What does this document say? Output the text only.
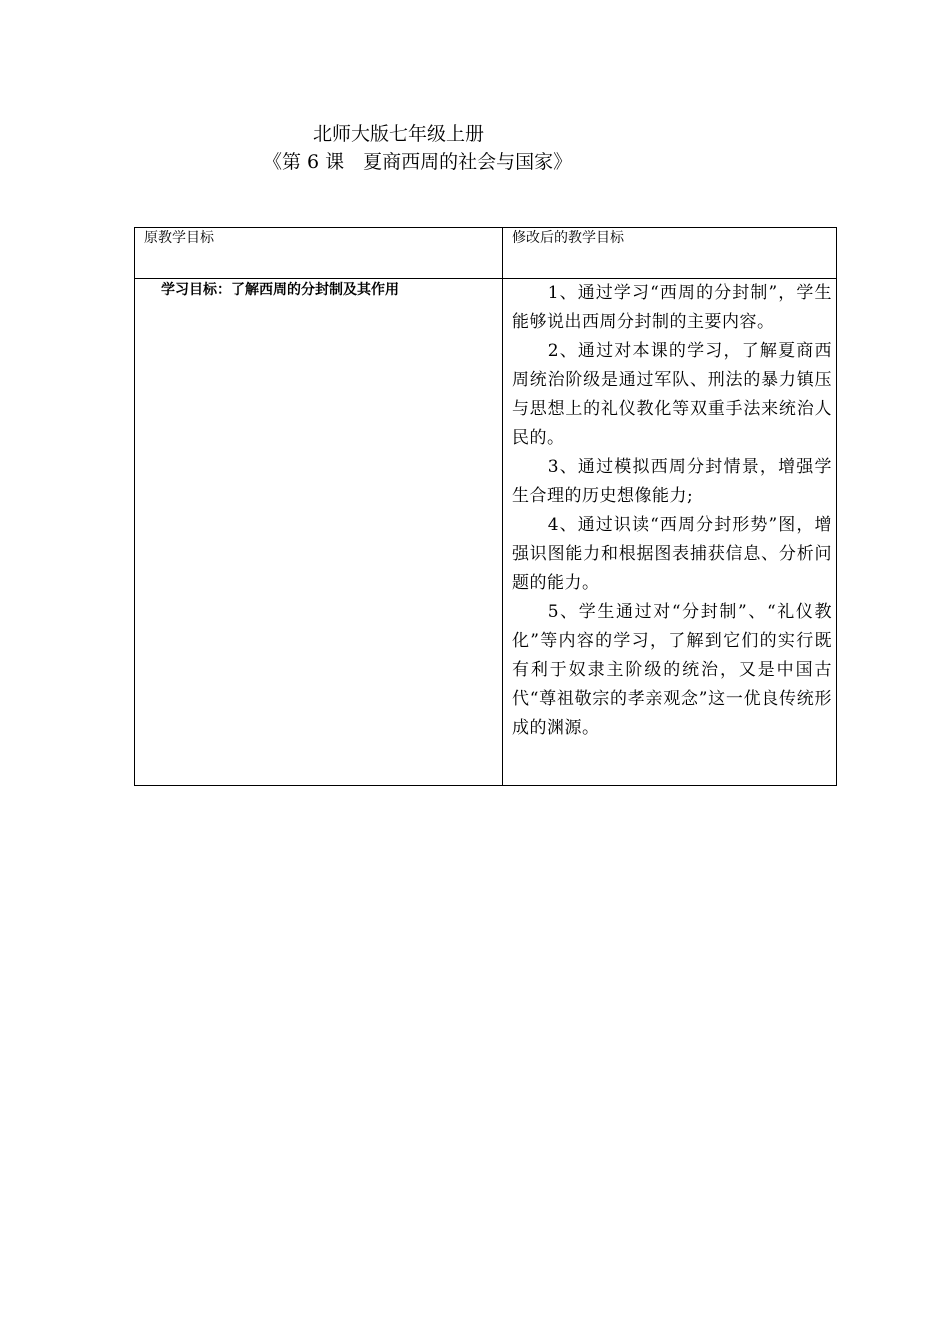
北师大版七年级上册
《第 6 课　夏商西周的社会与国家》
原教学目标	修改后的教学目标

学习目标：了解西周的分封制及其作用	1、通过学习“西周的分封制”，学生能够说出西周分封制的主要内容。

2、通过对本课的学习，了解夏商西周统治阶级是通过军队、刑法的暴力镇压与思想上的礼仪教化等双重手法来统治人民的。

3、通过模拟西周分封情景，增强学生合理的历史想像能力;

4、通过识读“西周分封形势”图，增强识图能力和根据图表捕获信息、分析问题的能力。

5、学生通过对“分封制”、“礼仪教化”等内容的学习，了解到它们的实行既有利于奴隶主阶级的统治，又是中国古代“尊祖敬宗的孝亲观念”这一优良传统形成的渊源。
